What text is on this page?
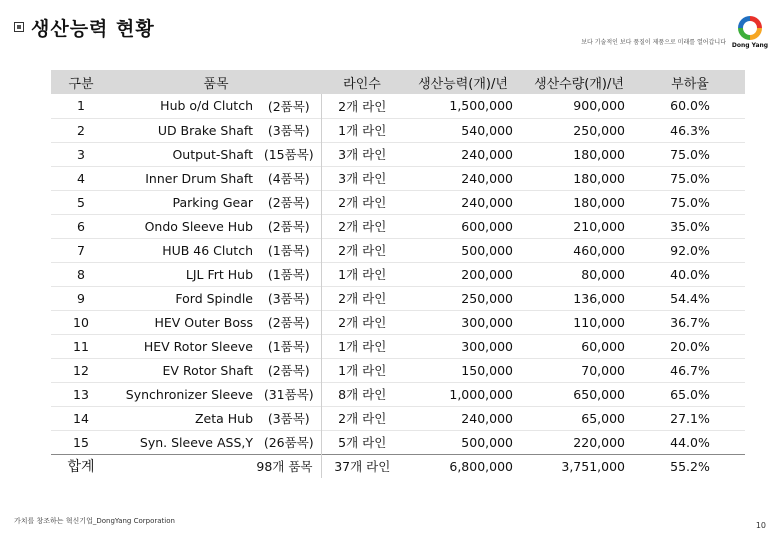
생산능력 현황
보다 기술적인 보다 품질이 제품으로 미래를 열어갑니다 Dong Yang
구분	품목		라인수	생산능력(개)/년	생산수량(개)/년	부하율
1	Hub o/d Clutch	(2품목)	2개 라인	1,500,000	900,000	60.0%
2	UD Brake Shaft	(3품목)	1개 라인	540,000	250,000	46.3%
3	Output-Shaft	(15품목)	3개 라인	240,000	180,000	75.0%
4	Inner Drum Shaft	(4품목)	3개 라인	240,000	180,000	75.0%
5	Parking Gear	(2품목)	2개 라인	240,000	180,000	75.0%
6	Ondo Sleeve Hub	(2품목)	2개 라인	600,000	210,000	35.0%
7	HUB 46 Clutch	(1품목)	2개 라인	500,000	460,000	92.0%
8	LJL Frt Hub	(1품목)	1개 라인	200,000	80,000	40.0%
9	Ford Spindle	(3품목)	2개 라인	250,000	136,000	54.4%
10	HEV Outer Boss	(2품목)	2개 라인	300,000	110,000	36.7%
11	HEV Rotor Sleeve	(1품목)	1개 라인	300,000	60,000	20.0%
12	EV Rotor Shaft	(2품목)	1개 라인	150,000	70,000	46.7%
13	Synchronizer Sleeve	(31품목)	8개 라인	1,000,000	650,000	65.0%
14	Zeta Hub	(3품목)	2개 라인	240,000	65,000	27.1%
15	Syn. Sleeve ASS,Y	(26품목)	5개 라인	500,000	220,000	44.0%
합계	98개 품목		37개 라인	6,800,000	3,751,000	55.2%
가치를 창조하는 혁신기업_DongYang Corporation	10
